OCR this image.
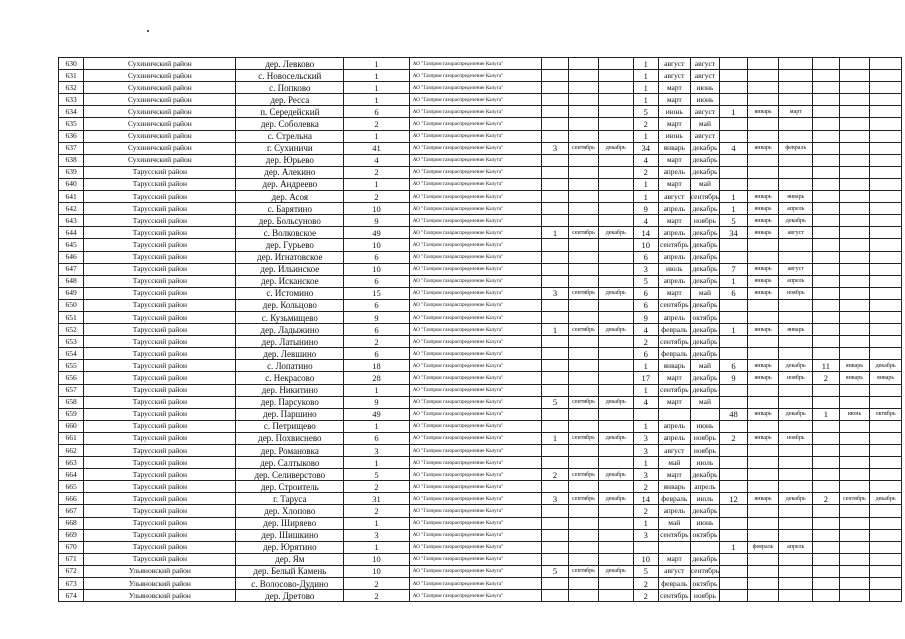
630	Сухиничский район	дер. Левково	1	АО "Газпром газораспределение Калуга"				1	август	август						
631	Сухиничский район	с. Новосельский	1	АО "Газпром газораспределение Калуга"				1	август	август						
632	Сухиничский район	с. Попково	1	АО "Газпром газораспределение Калуга"				1	март	июнь						
633	Сухиничский район	дер. Ресса	1	АО "Газпром газораспределение Калуга"				1	март	июнь						
634	Сухиничский район	п. Середейский	6	АО "Газпром газораспределение Калуга"				5	июнь	август	1	январь	март			
635	Сухиничский район	дер. Соболевка	2	АО "Газпром газораспределение Калуга"				2	март	май						
636	Сухиничский район	с. Стрельна	1	АО "Газпром газораспределение Калуга"				1	июнь	август						
637	Сухиничский район	г. Сухиничи	41	АО "Газпром газораспределение Калуга"	3	сентябрь	декабрь	34	январь	декабрь	4	январь	февраль			
638	Сухиничский район	дер. Юрьево	4	АО "Газпром газораспределение Калуга"				4	март	декабрь						
639	Тарусский район	дер. Алекино	2	АО "Газпром газораспределение Калуга"				2	апрель	декабрь						
640	Тарусский район	дер. Андреево	1	АО "Газпром газораспределение Калуга"				1	март	май						
641	Тарусский район	дер. Асоя	2	АО "Газпром газораспределение Калуга"				1	август	сентябрь	1	январь	январь			
642	Тарусский район	с. Барятино	10	АО "Газпром газораспределение Калуга"				9	апрель	декабрь	1	январь	апрель			
643	Тарусский район	дер. Больсуново	9	АО "Газпром газораспределение Калуга"				4	март	ноябрь	5	январь	декабрь			
644	Тарусский район	с. Волковское	49	АО "Газпром газораспределение Калуга"	1	сентябрь	декабрь	14	апрель	декабрь	34	январь	август			
645	Тарусский район	дер. Гурьево	10	АО "Газпром газораспределение Калуга"				10	сентябрь	декабрь						
646	Тарусский район	дер. Игнатовское	6	АО "Газпром газораспределение Калуга"				6	апрель	декабрь						
647	Тарусский район	дер. Ильинское	10	АО "Газпром газораспределение Калуга"				3	июль	декабрь	7	январь	август			
648	Тарусский район	дер. Исканское	6	АО "Газпром газораспределение Калуга"				5	апрель	декабрь	1	январь	апрель			
649	Тарусский район	с. Истомино	15	АО "Газпром газораспределение Калуга"	3	сентябрь	декабрь	6	март	май	6	январь	ноябрь			
650	Тарусский район	дер. Кольцово	6	АО "Газпром газораспределение Калуга"				6	сентябрь	декабрь						
651	Тарусский район	с. Кузьмищево	9	АО "Газпром газораспределение Калуга"				9	апрель	октябрь						
652	Тарусский район	дер. Ладыжино	6	АО "Газпром газораспределение Калуга"	1	сентябрь	декабрь	4	февраль	декабрь	1	январь	январь			
653	Тарусский район	дер. Латынино	2	АО "Газпром газораспределение Калуга"				2	сентябрь	декабрь						
654	Тарусский район	дер. Левшино	6	АО "Газпром газораспределение Калуга"				6	февраль	декабрь						
655	Тарусский район	с. Лопатино	18	АО "Газпром газораспределение Калуга"				1	январь	май	6	январь	декабрь	11	январь	декабрь
656	Тарусский район	с. Некрасово	28	АО "Газпром газораспределение Калуга"				17	март	декабрь	9	январь	ноябрь	2	январь	январь
657	Тарусский район	дер. Никитино	1	АО "Газпром газораспределение Калуга"				1	сентябрь	декабрь						
658	Тарусский район	дер. Парсуково	9	АО "Газпром газораспределение Калуга"	5	сентябрь	декабрь	4	март	май						
659	Тарусский район	дер. Паршино	49	АО "Газпром газораспределение Калуга"							48	январь	декабрь	1	июнь	октябрь
660	Тарусский район	с. Петрищево	1	АО "Газпром газораспределение Калуга"				1	апрель	июнь						
661	Тарусский район	дер. Похвиснево	6	АО "Газпром газораспределение Калуга"	1	сентябрь	декабрь	3	апрель	ноябрь	2	январь	ноябрь			
662	Тарусский район	дер. Романовка	3	АО "Газпром газораспределение Калуга"				3	август	ноябрь						
663	Тарусский район	дер. Салтыково	1	АО "Газпром газораспределение Калуга"				1	май	июль						
664	Тарусский район	дер. Селиверстово	5	АО "Газпром газораспределение Калуга"	2	сентябрь	декабрь	3	март	декабрь						
665	Тарусский район	дер. Строитель	2	АО "Газпром газораспределение Калуга"				2	январь	апрель						
666	Тарусский район	г. Таруса	31	АО "Газпром газораспределение Калуга"	3	сентябрь	декабрь	14	февраль	июль	12	январь	декабрь	2	сентябрь	декабрь
667	Тарусский район	дер. Хлопово	2	АО "Газпром газораспределение Калуга"				2	апрель	декабрь						
668	Тарусский район	дер. Ширяево	1	АО "Газпром газораспределение Калуга"				1	май	июнь						
669	Тарусский район	дер. Шишкино	3	АО "Газпром газораспределение Калуга"				3	сентябрь	октябрь						
670	Тарусский район	дер. Юрятино	1	АО "Газпром газораспределение Калуга"							1	февраль	апрель			
671	Тарусский район	дер. Ям	10	АО "Газпром газораспределение Калуга"				10	март	декабрь						
672	Ульяновский район	дер. Белый Камень	10	АО "Газпром газораспределение Калуга"	5	сентябрь	декабрь	5	август	сентябрь						
673	Ульяновский район	с. Волосово-Дудино	2	АО "Газпром газораспределение Калуга"				2	февраль	октябрь						
674	Ульяновский район	дер. Дретово	2	АО "Газпром газораспределение Калуга"				2	сентябрь	ноябрь						
